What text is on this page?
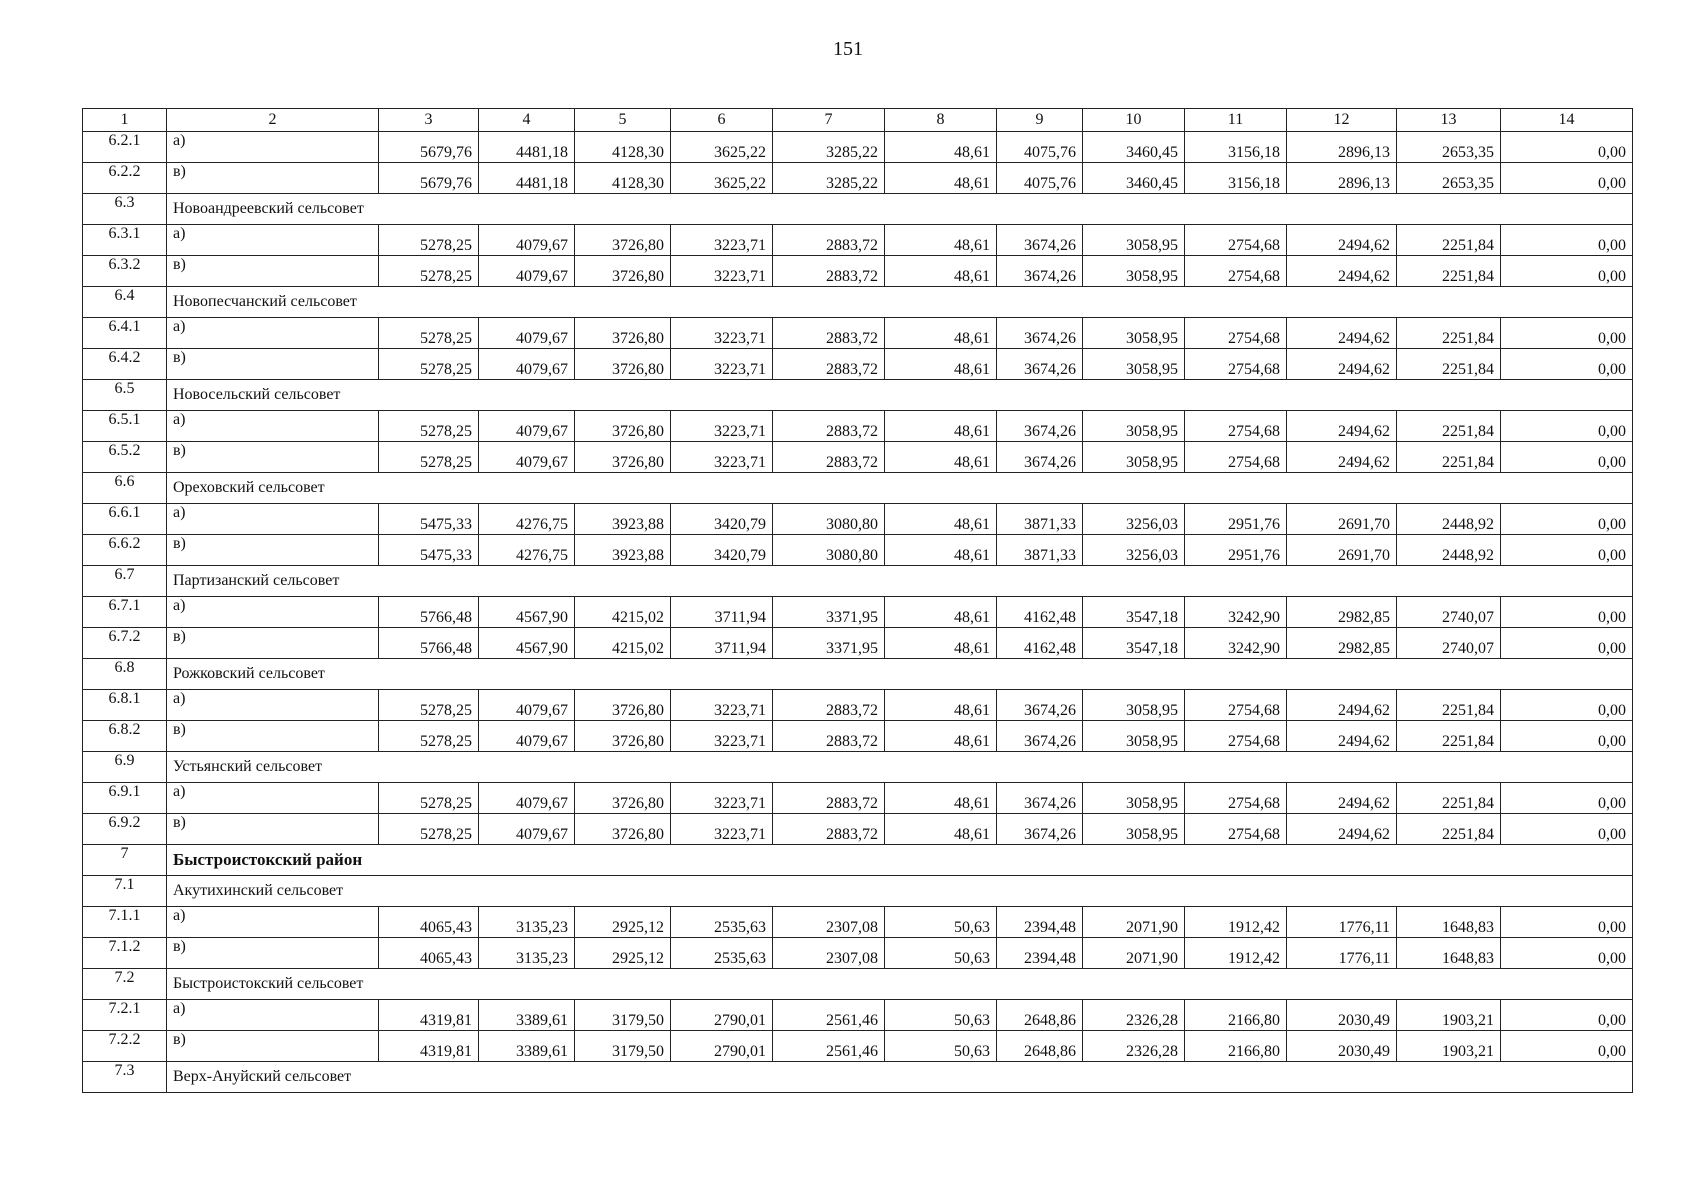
151
1	2	3	4	5	6	7	8	9	10	11	12	13	14
6.2.1	а)	5679,76	4481,18	4128,30	3625,22	3285,22	48,61	4075,76	3460,45	3156,18	2896,13	2653,35	0,00
6.2.2	в)	5679,76	4481,18	4128,30	3625,22	3285,22	48,61	4075,76	3460,45	3156,18	2896,13	2653,35	0,00
6.3	Новоандреевский сельсовет												
6.3.1	а)	5278,25	4079,67	3726,80	3223,71	2883,72	48,61	3674,26	3058,95	2754,68	2494,62	2251,84	0,00
6.3.2	в)	5278,25	4079,67	3726,80	3223,71	2883,72	48,61	3674,26	3058,95	2754,68	2494,62	2251,84	0,00
6.4	Новопесчанский сельсовет												
6.4.1	а)	5278,25	4079,67	3726,80	3223,71	2883,72	48,61	3674,26	3058,95	2754,68	2494,62	2251,84	0,00
6.4.2	в)	5278,25	4079,67	3726,80	3223,71	2883,72	48,61	3674,26	3058,95	2754,68	2494,62	2251,84	0,00
6.5	Новосельский сельсовет												
6.5.1	а)	5278,25	4079,67	3726,80	3223,71	2883,72	48,61	3674,26	3058,95	2754,68	2494,62	2251,84	0,00
6.5.2	в)	5278,25	4079,67	3726,80	3223,71	2883,72	48,61	3674,26	3058,95	2754,68	2494,62	2251,84	0,00
6.6	Ореховский сельсовет												
6.6.1	а)	5475,33	4276,75	3923,88	3420,79	3080,80	48,61	3871,33	3256,03	2951,76	2691,70	2448,92	0,00
6.6.2	в)	5475,33	4276,75	3923,88	3420,79	3080,80	48,61	3871,33	3256,03	2951,76	2691,70	2448,92	0,00
6.7	Партизанский сельсовет												
6.7.1	а)	5766,48	4567,90	4215,02	3711,94	3371,95	48,61	4162,48	3547,18	3242,90	2982,85	2740,07	0,00
6.7.2	в)	5766,48	4567,90	4215,02	3711,94	3371,95	48,61	4162,48	3547,18	3242,90	2982,85	2740,07	0,00
6.8	Рожковский сельсовет												
6.8.1	а)	5278,25	4079,67	3726,80	3223,71	2883,72	48,61	3674,26	3058,95	2754,68	2494,62	2251,84	0,00
6.8.2	в)	5278,25	4079,67	3726,80	3223,71	2883,72	48,61	3674,26	3058,95	2754,68	2494,62	2251,84	0,00
6.9	Устьянский сельсовет												
6.9.1	а)	5278,25	4079,67	3726,80	3223,71	2883,72	48,61	3674,26	3058,95	2754,68	2494,62	2251,84	0,00
6.9.2	в)	5278,25	4079,67	3726,80	3223,71	2883,72	48,61	3674,26	3058,95	2754,68	2494,62	2251,84	0,00
7	Быстроистокский район												
7.1	Акутихинский сельсовет												
7.1.1	а)	4065,43	3135,23	2925,12	2535,63	2307,08	50,63	2394,48	2071,90	1912,42	1776,11	1648,83	0,00
7.1.2	в)	4065,43	3135,23	2925,12	2535,63	2307,08	50,63	2394,48	2071,90	1912,42	1776,11	1648,83	0,00
7.2	Быстроистокский сельсовет												
7.2.1	а)	4319,81	3389,61	3179,50	2790,01	2561,46	50,63	2648,86	2326,28	2166,80	2030,49	1903,21	0,00
7.2.2	в)	4319,81	3389,61	3179,50	2790,01	2561,46	50,63	2648,86	2326,28	2166,80	2030,49	1903,21	0,00
7.3	Верх-Ануйский сельсовет												
